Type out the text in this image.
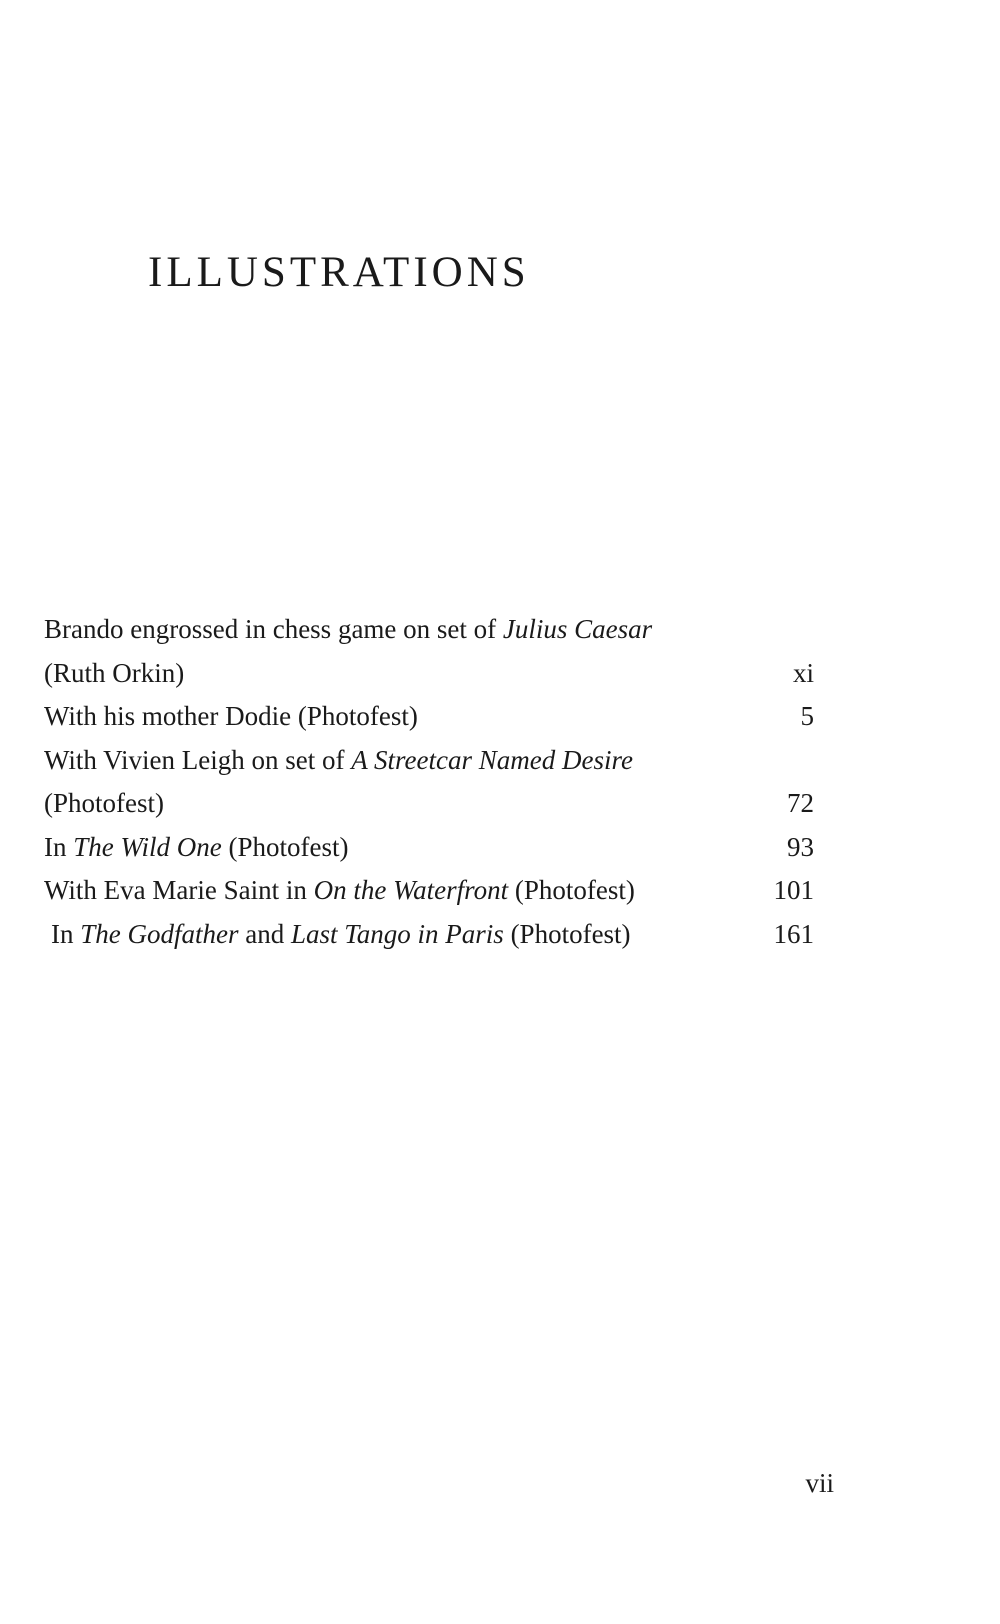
ILLUSTRATIONS
Brando engrossed in chess game on set of Julius Caesar
(Ruth Orkin)	xi
With his mother Dodie (Photofest)	5
With Vivien Leigh on set of A Streetcar Named Desire
(Photofest)	72
In The Wild One (Photofest)	93
With Eva Marie Saint in On the Waterfront (Photofest)	101
In The Godfather and Last Tango in Paris (Photofest)	161
vii
